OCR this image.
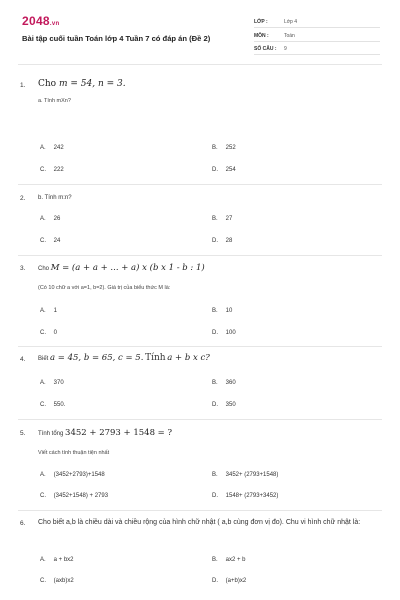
2048.vn
Bài tập cuối tuần Toán lớp 4 Tuần 7 có đáp án (Đề 2)
LỚP :	Lớp 4
MÔN :	Toán
SỐ CÂU : 9
1. Cho m = 54, n = 3.
a. Tính mXn?
A. 242	B. 252
C. 222	D. 254
2. b. Tính m:n?
A. 26	B. 27
C. 24	D. 28
3. Cho M = (a + a + ... + a) x (b x 1 - b : 1)
(Có 10 chữ a với a=1, b=2). Giá trị của biểu thức M là:
A. 1	B. 10
C. 0	D. 100
4. Biết a = 45, b = 65, c = 5. Tính a + b x c?
A. 370	B. 360
C. 550.	D. 350
5. Tính tổng 3452 + 2793 + 1548 = ?
Viết cách tính thuận tiện nhất
A. (3452+2793)+1548	B. 3452+ (2793+1548)
C. (3452+1548) + 2793	D. 1548+ (2793+3452)
6. Cho biết a,b là chiều dài và chiều rộng của hình chữ nhật ( a,b cùng đơn vị đo). Chu vi hình chữ nhật là:
A. a + bx2	B. ax2 + b
C. (axb)x2	D. (a+b)x2
